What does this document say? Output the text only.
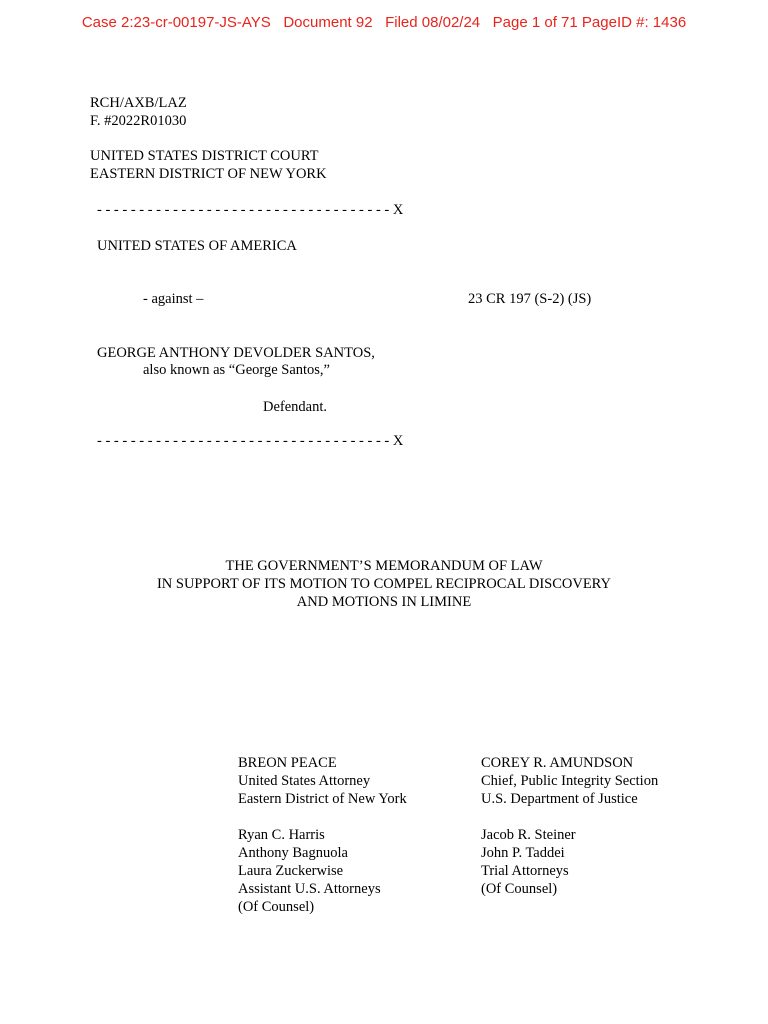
Case 2:23-cr-00197-JS-AYS Document 92 Filed 08/02/24 Page 1 of 71 PageID #: 1436
RCH/AXB/LAZ
F. #2022R01030
UNITED STATES DISTRICT COURT
EASTERN DISTRICT OF NEW YORK
- - - - - - - - - - - - - - - - - - - - - - - - - - - - - - - - - - - X
UNITED STATES OF AMERICA
- against –	23 CR 197 (S-2) (JS)
GEORGE ANTHONY DEVOLDER SANTOS,
also known as “George Santos,”
Defendant.
- - - - - - - - - - - - - - - - - - - - - - - - - - - - - - - - - - - X
THE GOVERNMENT’S MEMORANDUM OF LAW
IN SUPPORT OF ITS MOTION TO COMPEL RECIPROCAL DISCOVERY
AND MOTIONS IN LIMINE
BREON PEACE
United States Attorney
Eastern District of New York
Ryan C. Harris
Anthony Bagnuola
Laura Zuckerwise
Assistant U.S. Attorneys
(Of Counsel)
COREY R. AMUNDSON
Chief, Public Integrity Section
U.S. Department of Justice
Jacob R. Steiner
John P. Taddei
Trial Attorneys
(Of Counsel)
